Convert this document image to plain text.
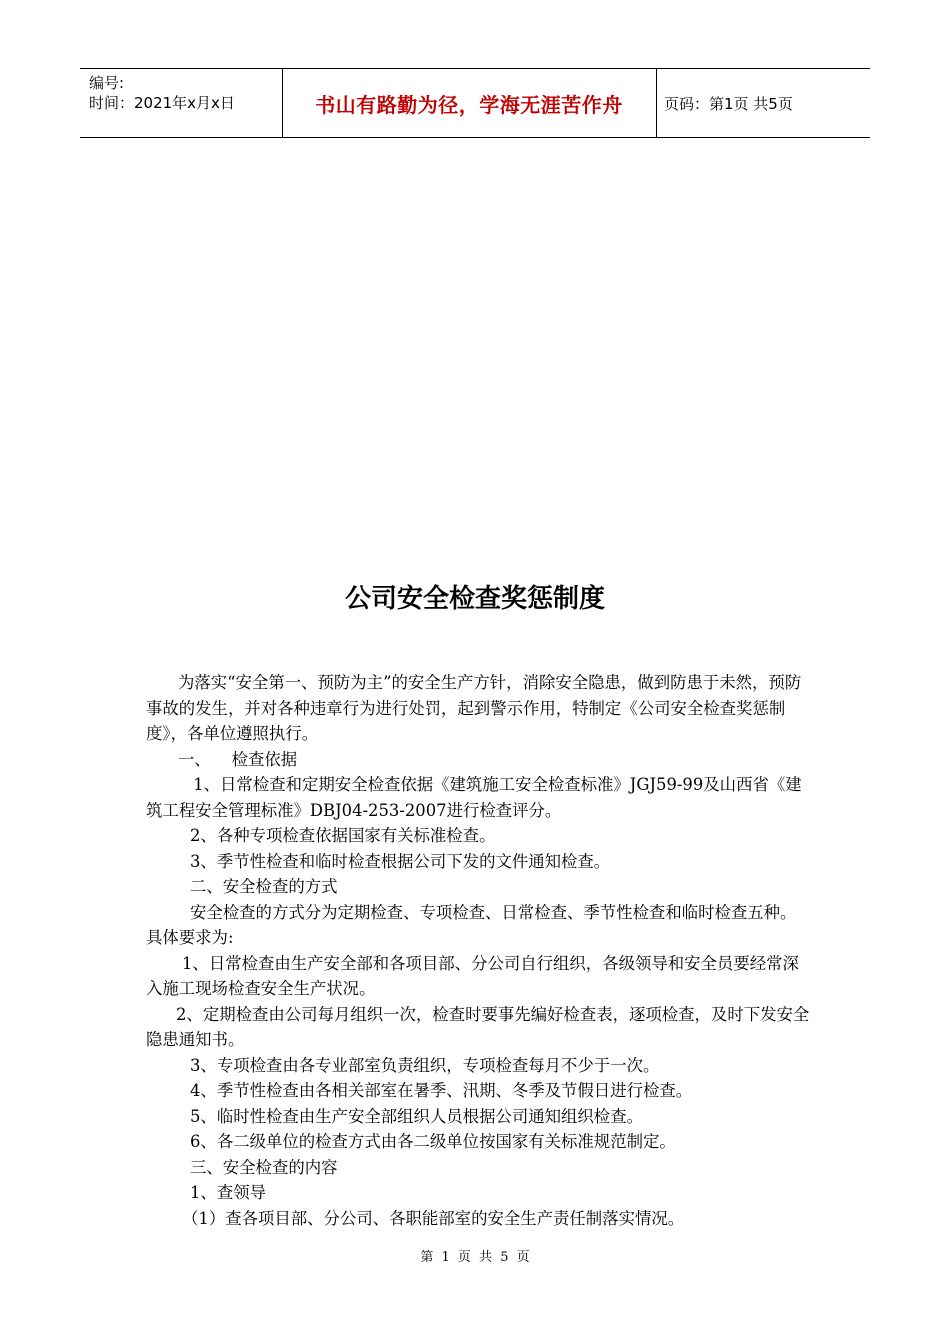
编号:
时间：2021年x月x日	书山有路勤为径，学海无涯苦作舟	页码：第1页 共5页
公司安全检查奖惩制度

为落实“安全第一、预防为主”的安全生产方针，消除安全隐患，做到防患于未然，预防事故的发生，并对各种违章行为进行处罚，起到警示作用，特制定《公司安全检查奖惩制度》，各单位遵照执行。

一、    检查依据

1、日常检查和定期安全检查依据《建筑施工安全检查标准》JGJ59-99及山西省《建筑工程安全管理标准》DBJ04-253-2007进行检查评分。

2、各种专项检查依据国家有关标准检查。

3、季节性检查和临时检查根据公司下发的文件通知检查。

二、安全检查的方式

安全检查的方式分为定期检查、专项检查、日常检查、季节性检查和临时检查五种。具体要求为:

1、日常检查由生产安全部和各项目部、分公司自行组织，各级领导和安全员要经常深入施工现场检查安全生产状况。

2、定期检查由公司每月组织一次，检查时要事先编好检查表，逐项检查，及时下发安全隐患通知书。

3、专项检查由各专业部室负责组织，专项检查每月不少于一次。

4、季节性检查由各相关部室在暑季、汛期、冬季及节假日进行检查。

5、临时性检查由生产安全部组织人员根据公司通知组织检查。

6、各二级单位的检查方式由各二级单位按国家有关标准规范制定。

三、安全检查的内容

1、查领导

（1）查各项目部、分公司、各职能部室的安全生产责任制落实情况。

第 1 页 共 5 页
